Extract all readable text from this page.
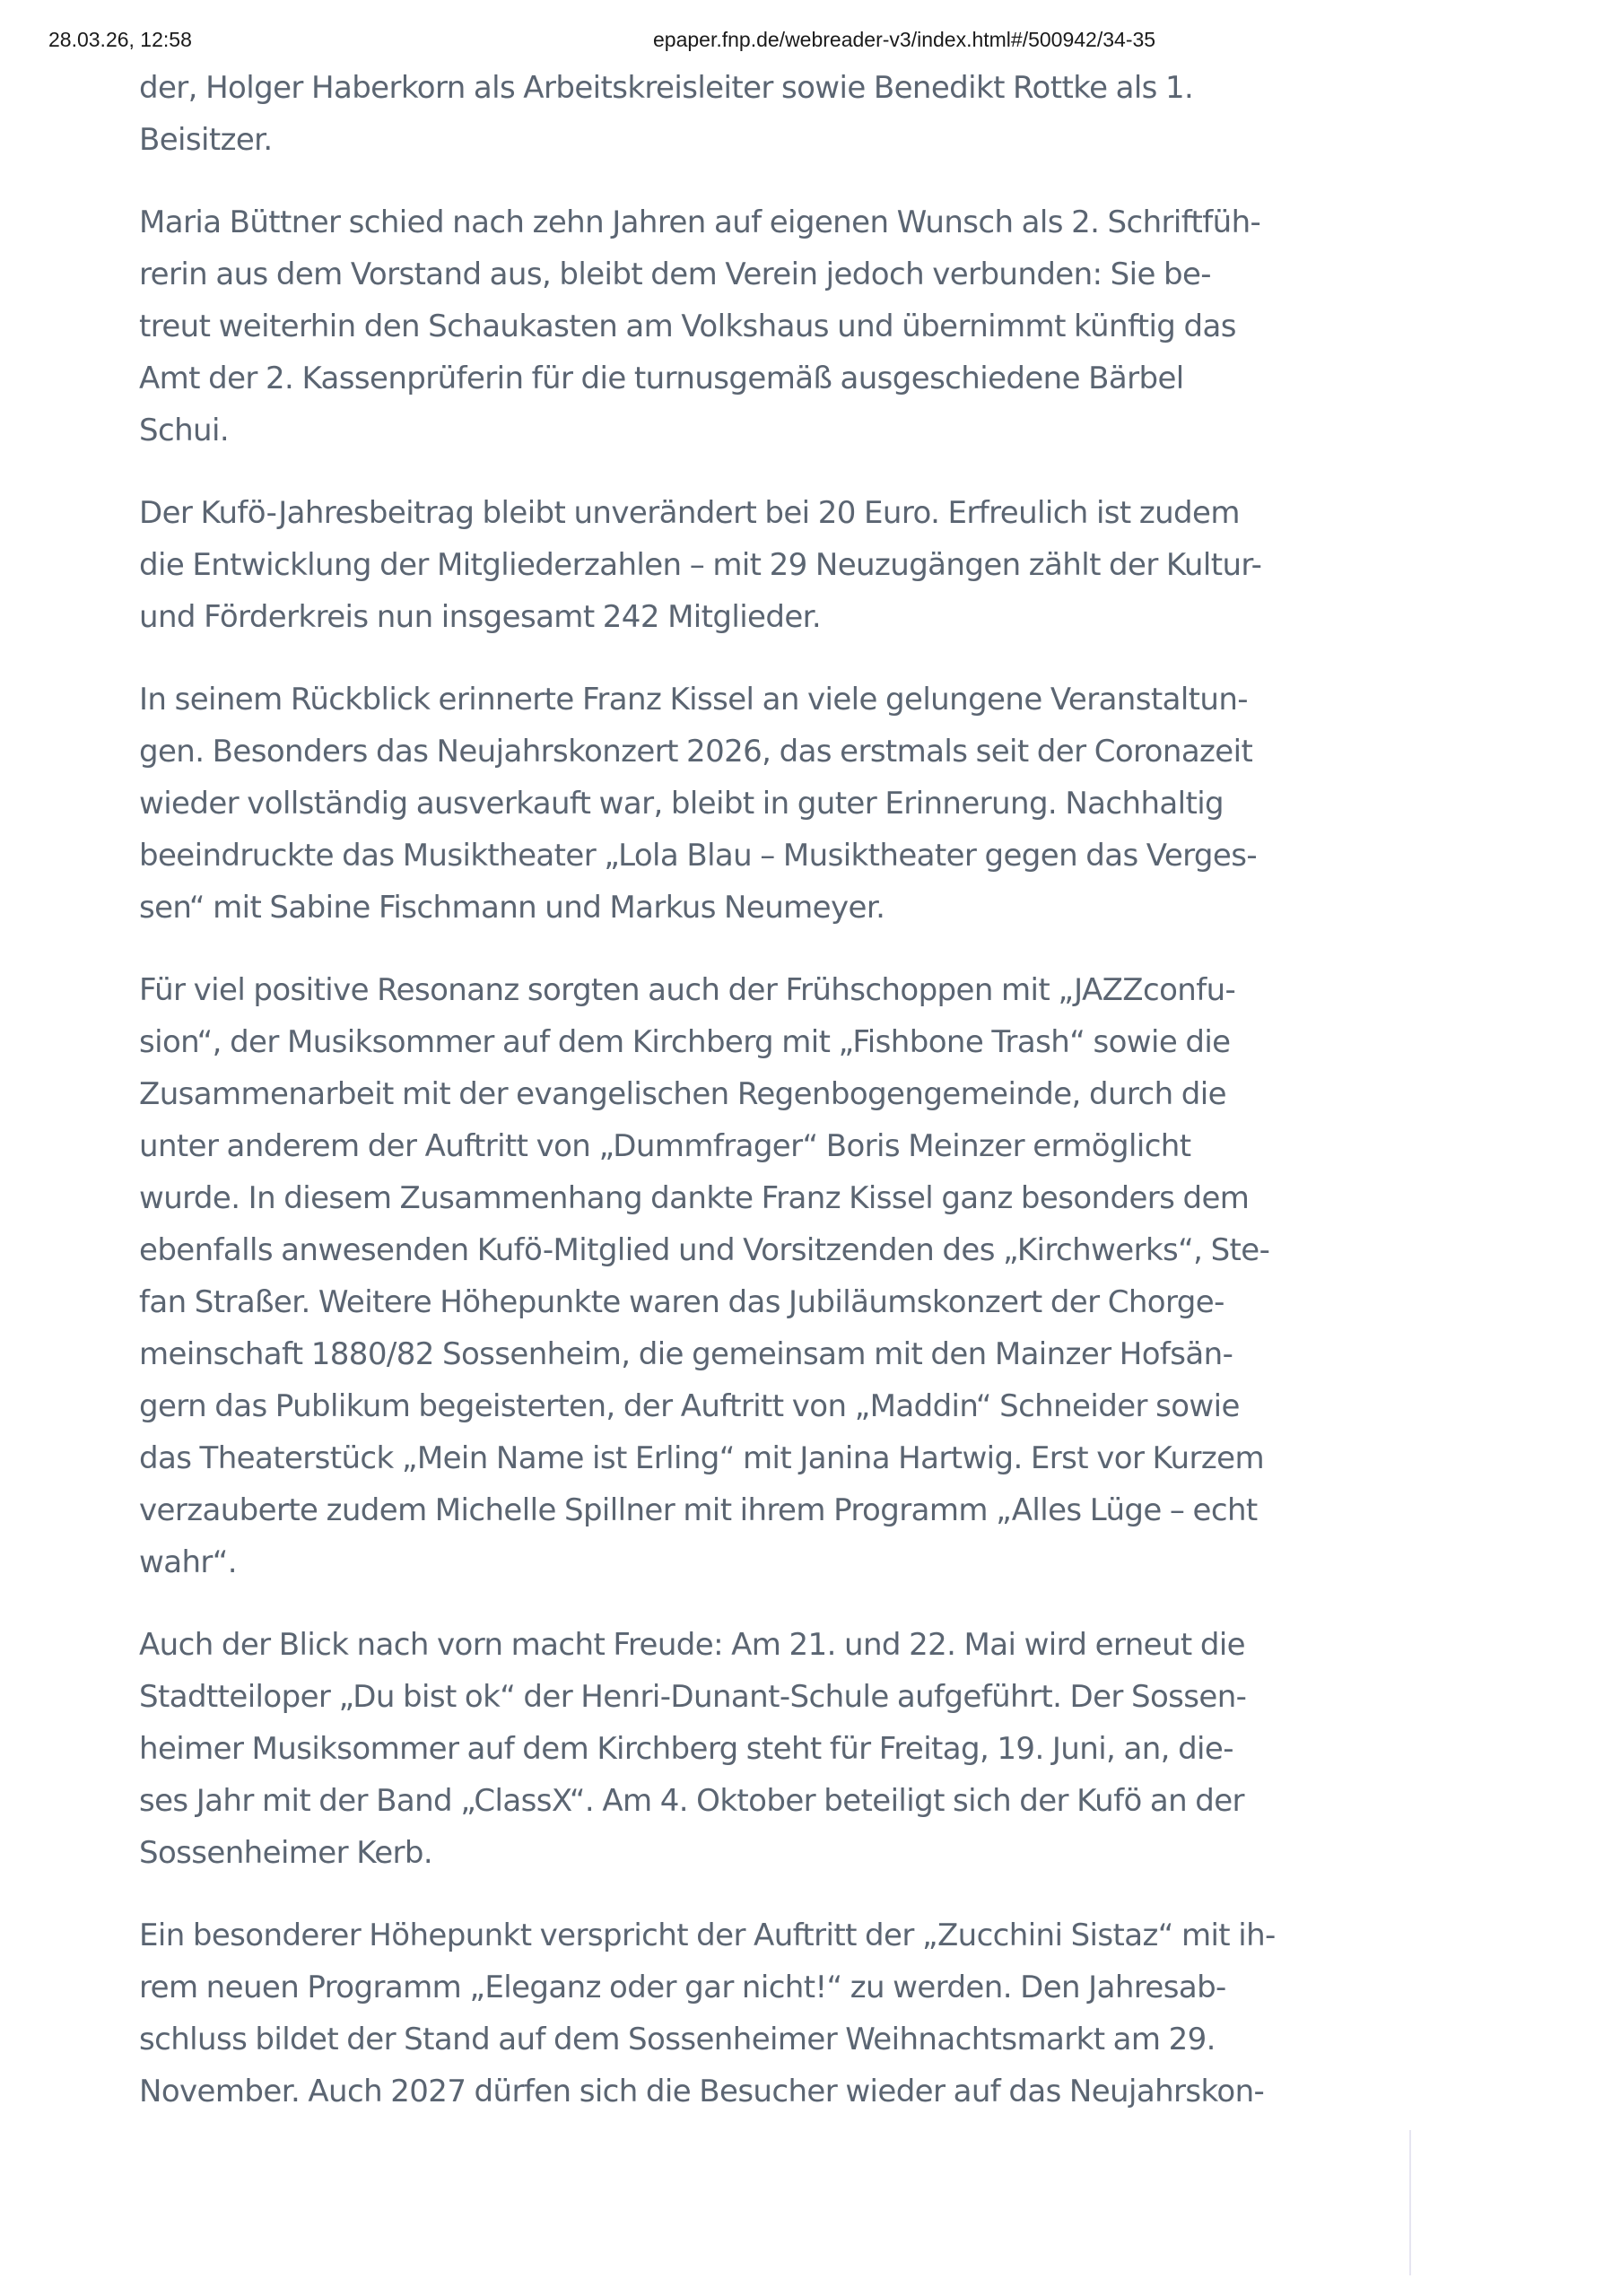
28.03.26, 12:58	epaper.fnp.de/webreader-v3/index.html#/500942/34-35

der, Holger Haberkorn als Arbeitskreisleiter sowie Benedikt Rottke als 1.
Beisitzer.

Maria Büttner schied nach zehn Jahren auf eigenen Wunsch als 2. Schriftfüh-
rerin aus dem Vorstand aus, bleibt dem Verein jedoch verbunden: Sie be-
treut weiterhin den Schaukasten am Volkshaus und übernimmt künftig das
Amt der 2. Kassenprüferin für die turnusgemäß ausgeschiedene Bärbel
Schui.

Der Kufö-Jahresbeitrag bleibt unverändert bei 20 Euro. Erfreulich ist zudem
die Entwicklung der Mitgliederzahlen – mit 29 Neuzugängen zählt der Kultur-
und Förderkreis nun insgesamt 242 Mitglieder.

In seinem Rückblick erinnerte Franz Kissel an viele gelungene Veranstaltun-
gen. Besonders das Neujahrskonzert 2026, das erstmals seit der Coronazeit
wieder vollständig ausverkauft war, bleibt in guter Erinnerung. Nachhaltig
beeindruckte das Musiktheater „Lola Blau – Musiktheater gegen das Verges-
sen“ mit Sabine Fischmann und Markus Neumeyer.

Für viel positive Resonanz sorgten auch der Frühschoppen mit „JAZZconfu-
sion“, der Musiksommer auf dem Kirchberg mit „Fishbone Trash“ sowie die
Zusammenarbeit mit der evangelischen Regenbogengemeinde, durch die
unter anderem der Auftritt von „Dummfrager“ Boris Meinzer ermöglicht
wurde. In diesem Zusammenhang dankte Franz Kissel ganz besonders dem
ebenfalls anwesenden Kufö-Mitglied und Vorsitzenden des „Kirchwerks“, Ste-
fan Straßer. Weitere Höhepunkte waren das Jubiläumskonzert der Chorge-
meinschaft 1880/82 Sossenheim, die gemeinsam mit den Mainzer Hofsän-
gern das Publikum begeisterten, der Auftritt von „Maddin“ Schneider sowie
das Theaterstück „Mein Name ist Erling“ mit Janina Hartwig. Erst vor Kurzem
verzauberte zudem Michelle Spillner mit ihrem Programm „Alles Lüge – echt
wahr“.

Auch der Blick nach vorn macht Freude: Am 21. und 22. Mai wird erneut die
Stadtteiloper „Du bist ok“ der Henri-Dunant-Schule aufgeführt. Der Sossen-
heimer Musiksommer auf dem Kirchberg steht für Freitag, 19. Juni, an, die-
ses Jahr mit der Band „ClassX“. Am 4. Oktober beteiligt sich der Kufö an der
Sossenheimer Kerb.

Ein besonderer Höhepunkt verspricht der Auftritt der „Zucchini Sistaz“ mit ih-
rem neuen Programm „Eleganz oder gar nicht!“ zu werden. Den Jahresab-
schluss bildet der Stand auf dem Sossenheimer Weihnachtsmarkt am 29.
November. Auch 2027 dürfen sich die Besucher wieder auf das Neujahrskon-
